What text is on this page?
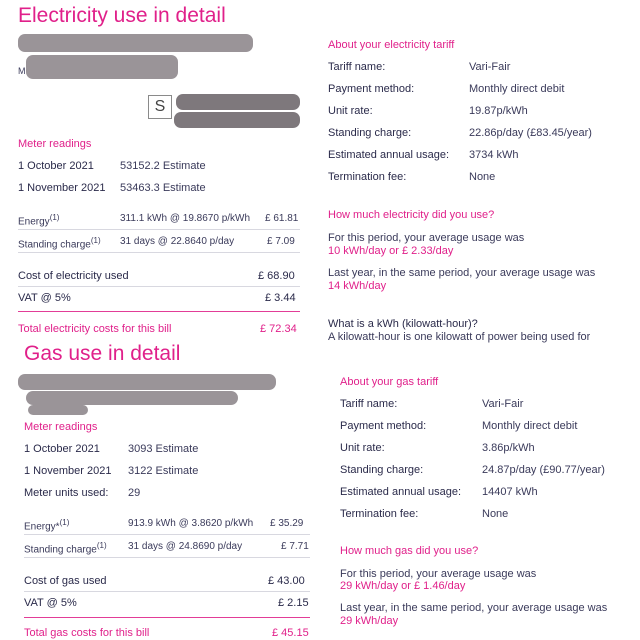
Electricity use in detail
M
S
Meter readings
1 October 2021 53152.2 Estimate
1 November 2021 53463.3 Estimate
Energy$^{(1)}$	311.1 kWh @ 19.8670 p/kWh £ 61.81
Standing charge$^{(1)}$ 31 days @ 22.8640 p/day	£ 7.09
Cost of electricity used	£ 68.90
VAT @ 5%	£ 3.44
Total electricity costs for this bill	£ 72.34
About your electricity tariff
Tariff name:	Vari-Fair
Payment method:	Monthly direct debit
Unit rate:	19.87p/kWh
Standing charge:	22.86p/day (£83.45/year)
Estimated annual usage: 3734 kWh
Termination fee:	None
How much electricity did you use?
For this period, your average usage was
10 kWh/day or £ 2.33/day
Last year, in the same period, your average usage was
14 kWh/day
What is a kWh (kilowatt-hour)?
A kilowatt-hour is one kilowatt of power being used for
Gas use in detail
Meter readings
1 October 2021	3093 Estimate
1 November 2021 3122 Estimate
Meter units used: 29
Energy*$^{(1)}$	913.9 kWh @ 3.8620 p/kWh £ 35.29
Standing charge$^{(1)}$ 31 days @ 24.8690 p/day	£ 7.71
Cost of gas used	£ 43.00
VAT @ 5%	£ 2.15
Total gas costs for this bill	£ 45.15
About your gas tariff
Tariff name:	Vari-Fair
Payment method:	Monthly direct debit
Unit rate:	3.86p/kWh
Standing charge:	24.87p/day (£90.77/year)
Estimated annual usage: 14407 kWh
Termination fee:	None
How much gas did you use?
For this period, your average usage was
29 kWh/day or £ 1.46/day
Last year, in the same period, your average usage was
29 kWh/day
